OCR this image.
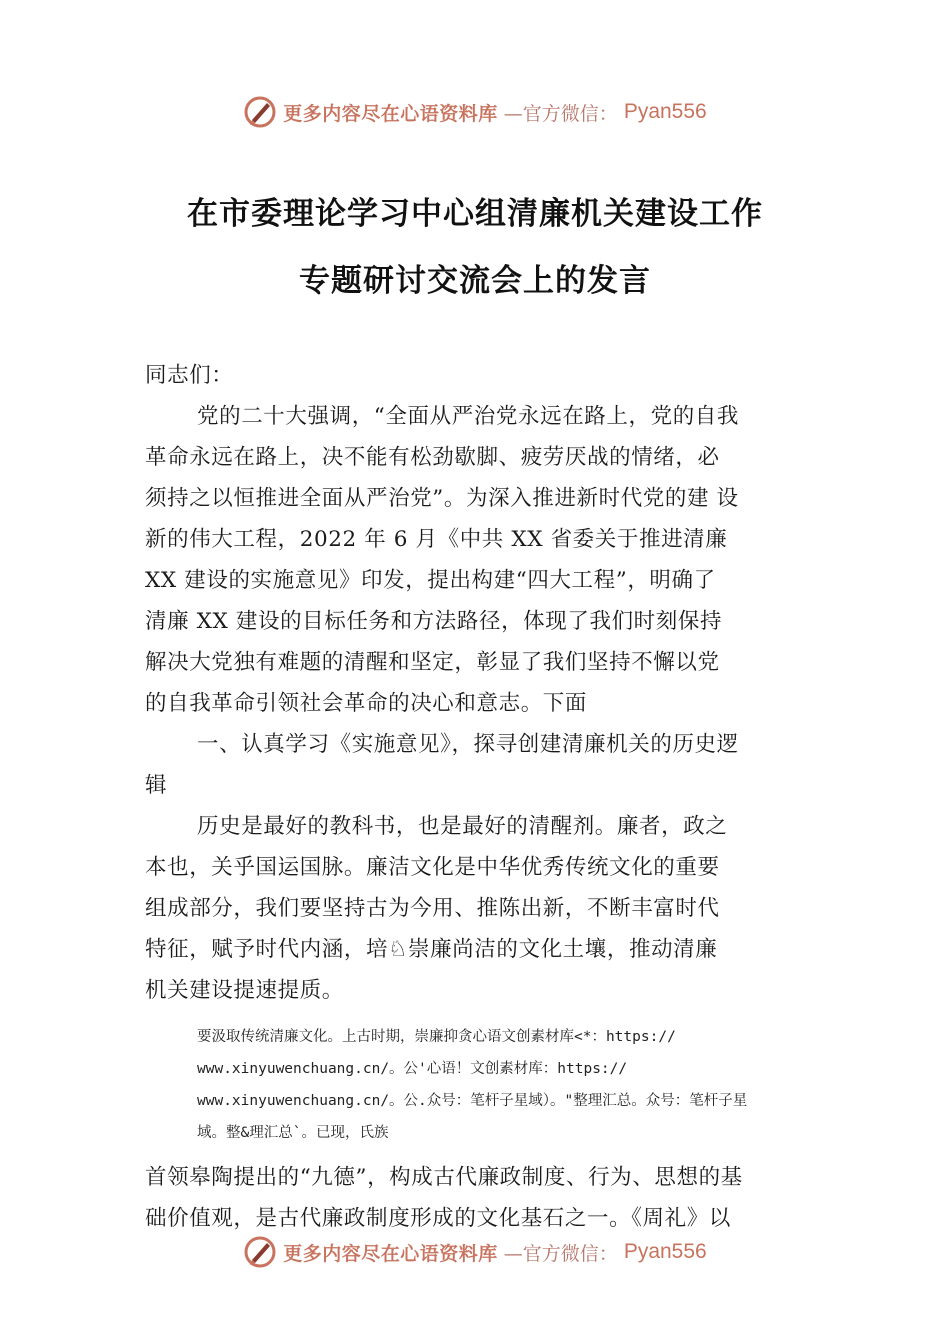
更多内容尽在心语资料库 —官方微信： Pyan556
在市委理论学习中心组清廉机关建设工作
专题研讨交流会上的发言
同志们：
党的二十大强调，“全面从严治党永远在路上，党的自我
革命永远在路上，决不能有松劲歇脚、疲劳厌战的情绪，必
须持之以恒推进全面从严治党”。为深入推进新时代党的建 设
新的伟大工程，2022 年 6 月《中共 XX 省委关于推进清廉
XX 建设的实施意见》印发，提出构建“四大工程”，明确了
清廉 XX 建设的目标任务和方法路径，体现了我们时刻保持
解决大党独有难题的清醒和坚定，彰显了我们坚持不懈以党
的自我革命引领社会革命的决心和意志。下面
一、认真学习《实施意见》，探寻创建清廉机关的历史逻
辑
历史是最好的教科书，也是最好的清醒剂。廉者，政之
本也，关乎国运国脉。廉洁文化是中华优秀传统文化的重要
组成部分，我们要坚持古为今用、推陈出新，不断丰富时代
特征，赋予时代内涵，培♘崇廉尚洁的文化土壤，推动清廉
机关建设提速提质。
要汲取传统清廉文化。上古时期，崇廉抑贪心语文创素材库<*：https://
www.xinyuwenchuang.cn/。公'心语！文创素材库：https://
www.xinyuwenchuang.cn/。公.众号：笔杆子星域）。"整理汇总。众号：笔杆子星
域。整&理汇总`。已现，氏族
首领皋陶提出的“九德”，构成古代廉政制度、行为、思想的基
础价值观，是古代廉政制度形成的文化基石之一。《周礼》以
更多内容尽在心语资料库 —官方微信： Pyan556
